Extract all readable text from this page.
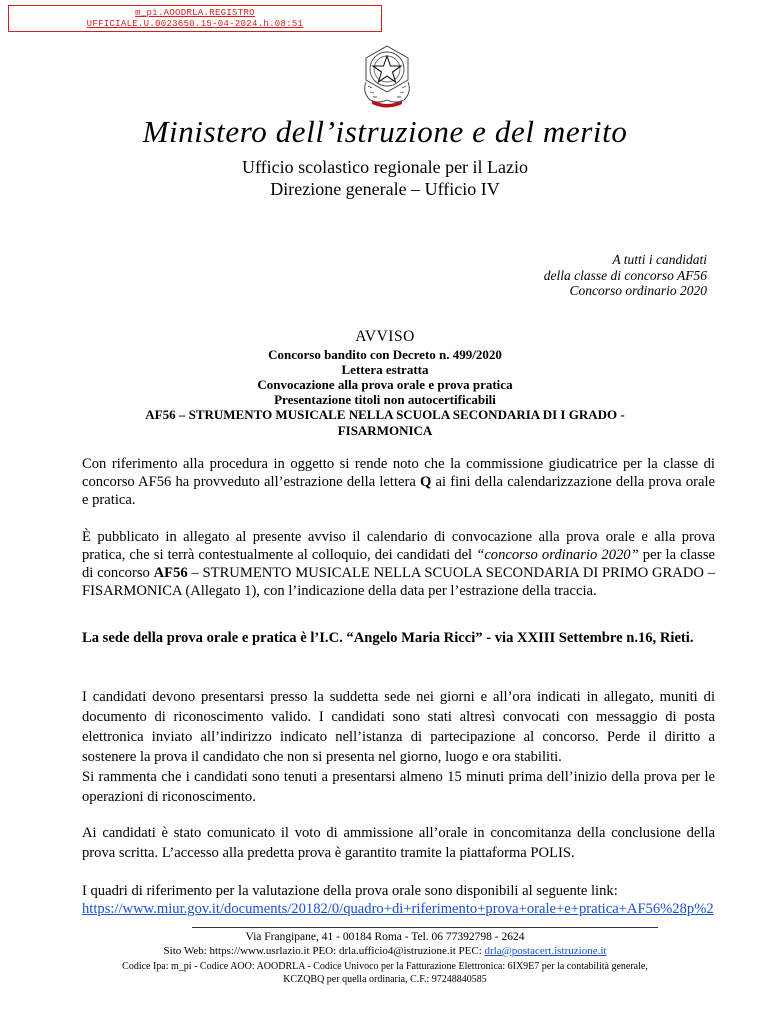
m_pi.AOODRLA.REGISTRO
UFFICIALE.U.0023650.15-04-2024.h.08:51
Ministero dell’istruzione e del merito
Ufficio scolastico regionale per il Lazio
Direzione generale – Ufficio IV
A tutti i candidati
della classe di concorso AF56
Concorso ordinario 2020
AVVISO
Concorso bandito con Decreto n. 499/2020
Lettera estratta
Convocazione alla prova orale e prova pratica
Presentazione titoli non autocertificabili
AF56 – STRUMENTO MUSICALE NELLA SCUOLA SECONDARIA DI I GRADO -
FISARMONICA
Con riferimento alla procedura in oggetto si rende noto che la commissione giudicatrice per la classe di concorso AF56 ha provveduto all’estrazione della lettera Q ai fini della calendarizzazione della prova orale e pratica.
È pubblicato in allegato al presente avviso il calendario di convocazione alla prova orale e alla prova pratica, che si terrà contestualmente al colloquio, dei candidati del “concorso ordinario 2020” per la classe di concorso AF56 – STRUMENTO MUSICALE NELLA SCUOLA SECONDARIA DI PRIMO GRADO – FISARMONICA (Allegato 1), con l’indicazione della data per l’estrazione della traccia.
La sede della prova orale e pratica è l’I.C. “Angelo Maria Ricci” - via XXIII Settembre n.16, Rieti.
I candidati devono presentarsi presso la suddetta sede nei giorni e all’ora indicati in allegato, muniti di documento di riconoscimento valido. I candidati sono stati altresì convocati con messaggio di posta elettronica inviato all’indirizzo indicato nell’istanza di partecipazione al concorso. Perde il diritto a sostenere la prova il candidato che non si presenta nel giorno, luogo e ora stabiliti.
Si rammenta che i candidati sono tenuti a presentarsi almeno 15 minuti prima dell’inizio della prova per le operazioni di riconoscimento.
Ai candidati è stato comunicato il voto di ammissione all’orale in concomitanza della conclusione della prova scritta. L’accesso alla predetta prova è garantito tramite la piattaforma POLIS.
I quadri di riferimento per la valutazione della prova orale sono disponibili al seguente link:
https://www.miur.gov.it/documents/20182/0/quadro+di+riferimento+prova+orale+e+pratica+AF56%28p%2
Via Frangipane, 41 - 00184 Roma - Tel. 06 77392798 - 2624
Sito Web: https://www.usrlazio.it PEO: drla.ufficio4@istruzione.it PEC: drla@postacert.istruzione.it
Codice Ipa: m_pi - Codice AOO: AOODRLA - Codice Univoco per la Fatturazione Elettronica: 6IX9E7 per la contabilità generale,
KCZQBQ per quella ordinaria, C.F.: 97248840585
